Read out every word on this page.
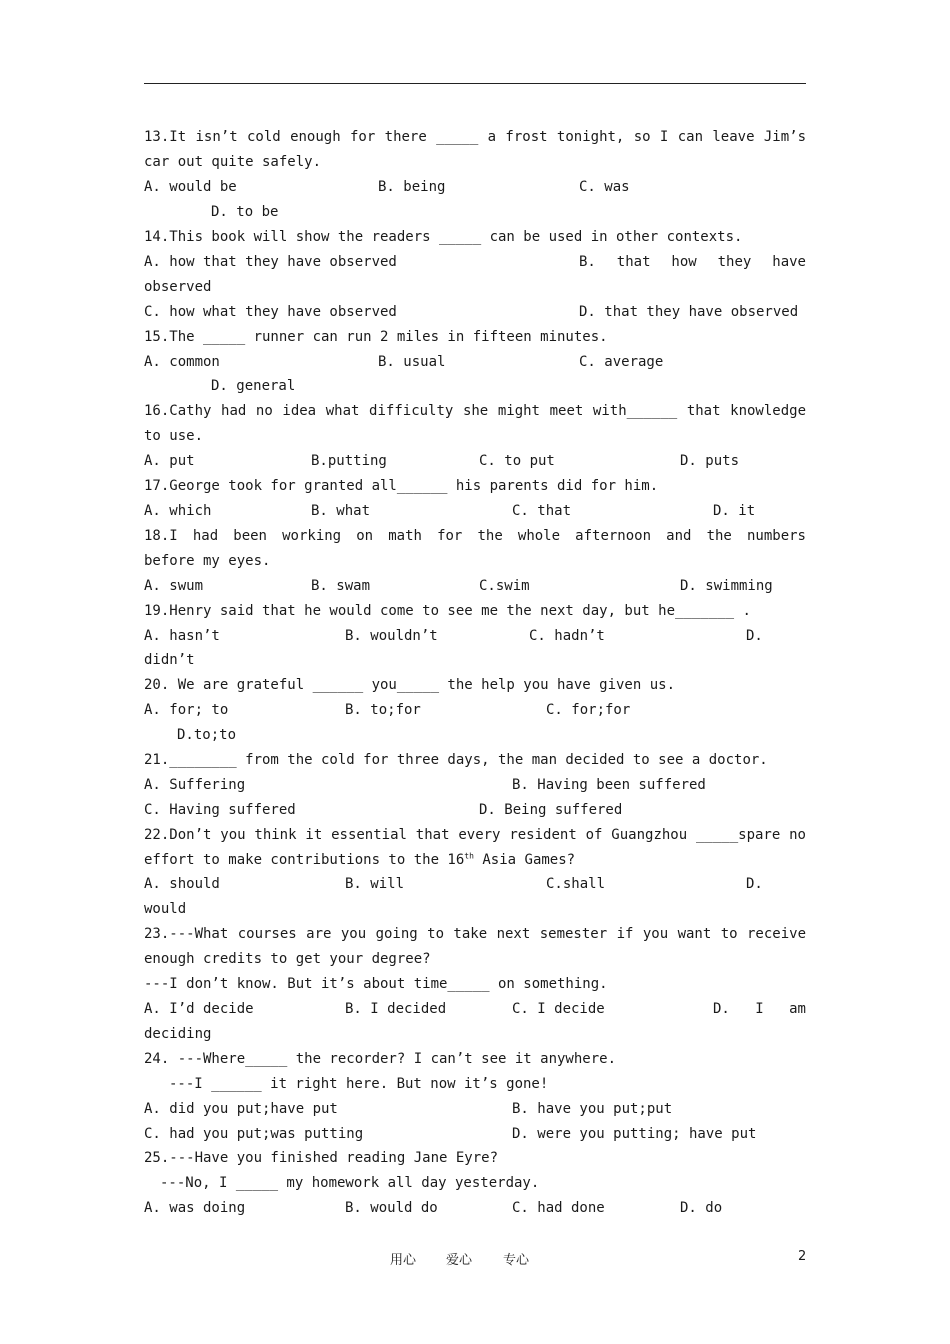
13.It isn’t cold enough for there _____ a frost tonight, so I can leave Jim’s
car out quite safely.
A. would be	B. being	C. was
D. to be
14.This book will show the readers _____ can be used in other contexts.
A. how that they have observed	B. that how they have
observed
C. how what they have observed	D. that they have observed
15.The _____ runner can run 2 miles in fifteen minutes.
A. common	B. usual	C. average
D. general
16.Cathy had no idea what difficulty she might meet with______ that knowledge
to use.
A. put	B.putting	C. to put	D. puts
17.George took for granted all______ his parents did for him.
A. which	B. what	C. that	D. it
18.I had been working on math for the whole afternoon and the numbers
before my eyes.
A. swum	B. swam	C.swim	D. swimming
19.Henry said that he would come to see me the next day, but he_______ .
A. hasn’t	B. wouldn’t	C. hadn’t	D.
didn’t
20. We are grateful ______ you_____ the help you have given us.
A. for; to	B. to;for	C. for;for
D.to;to
21.________ from the cold for three days, the man decided to see a doctor.
A. Suffering	B. Having been suffered
C. Having suffered	D. Being suffered
22.Don’t you think it essential that every resident of Guangzhou _____spare no
effort to make contributions to the 16th Asia Games?
A. should	B. will	C.shall	D.
would
23.---What courses are you going to take next semester if you want to receive
enough credits to get your degree?
---I don’t know. But it’s about time_____ on something.
A. I’d decide	B. I decided	C. I decide	D. I am
deciding
24. ---Where_____ the recorder? I can’t see it anywhere.
---I ______ it right here. But now it’s gone!
A. did you put;have put	B. have you put;put
C. had you put;was putting	D. were you putting; have put
25.---Have you finished reading Jane Eyre?
---No, I _____ my homework all day yesterday.
A. was doing	B. would do	C. had done	D. do
用心 爱心 专心	2
